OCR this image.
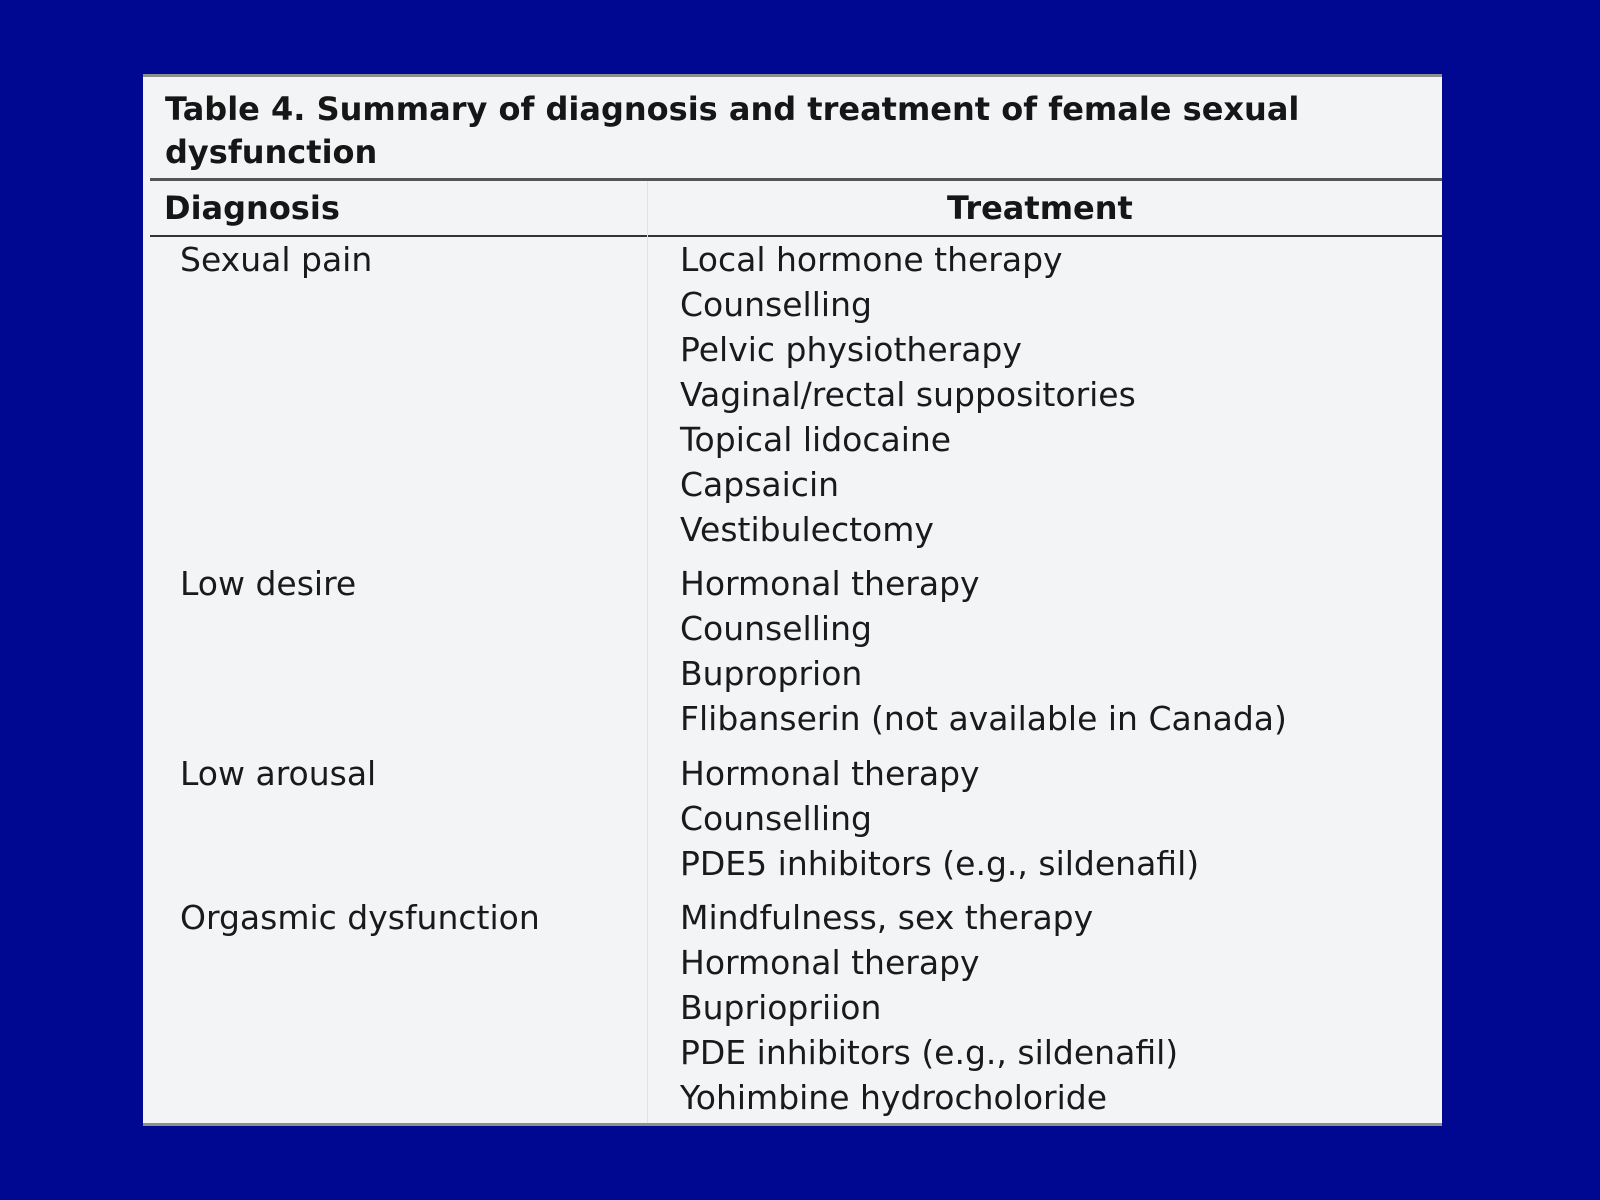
Table 4. Summary of diagnosis and treatment of female sexual dysfunction
Diagnosis	Treatment

Sexual pain	Local hormone therapy
Counselling
Pelvic physiotherapy
Vaginal/rectal suppositories
Topical lidocaine
Capsaicin
Vestibulectomy

Low desire	Hormonal therapy
Counselling
Buproprion
Flibanserin (not available in Canada)

Low arousal	Hormonal therapy
Counselling
PDE5 inhibitors (e.g., sildenafil)

Orgasmic dysfunction	Mindfulness, sex therapy
Hormonal therapy
Bupriopriion
PDE inhibitors (e.g., sildenafil)
Yohimbine hydrocholoride
